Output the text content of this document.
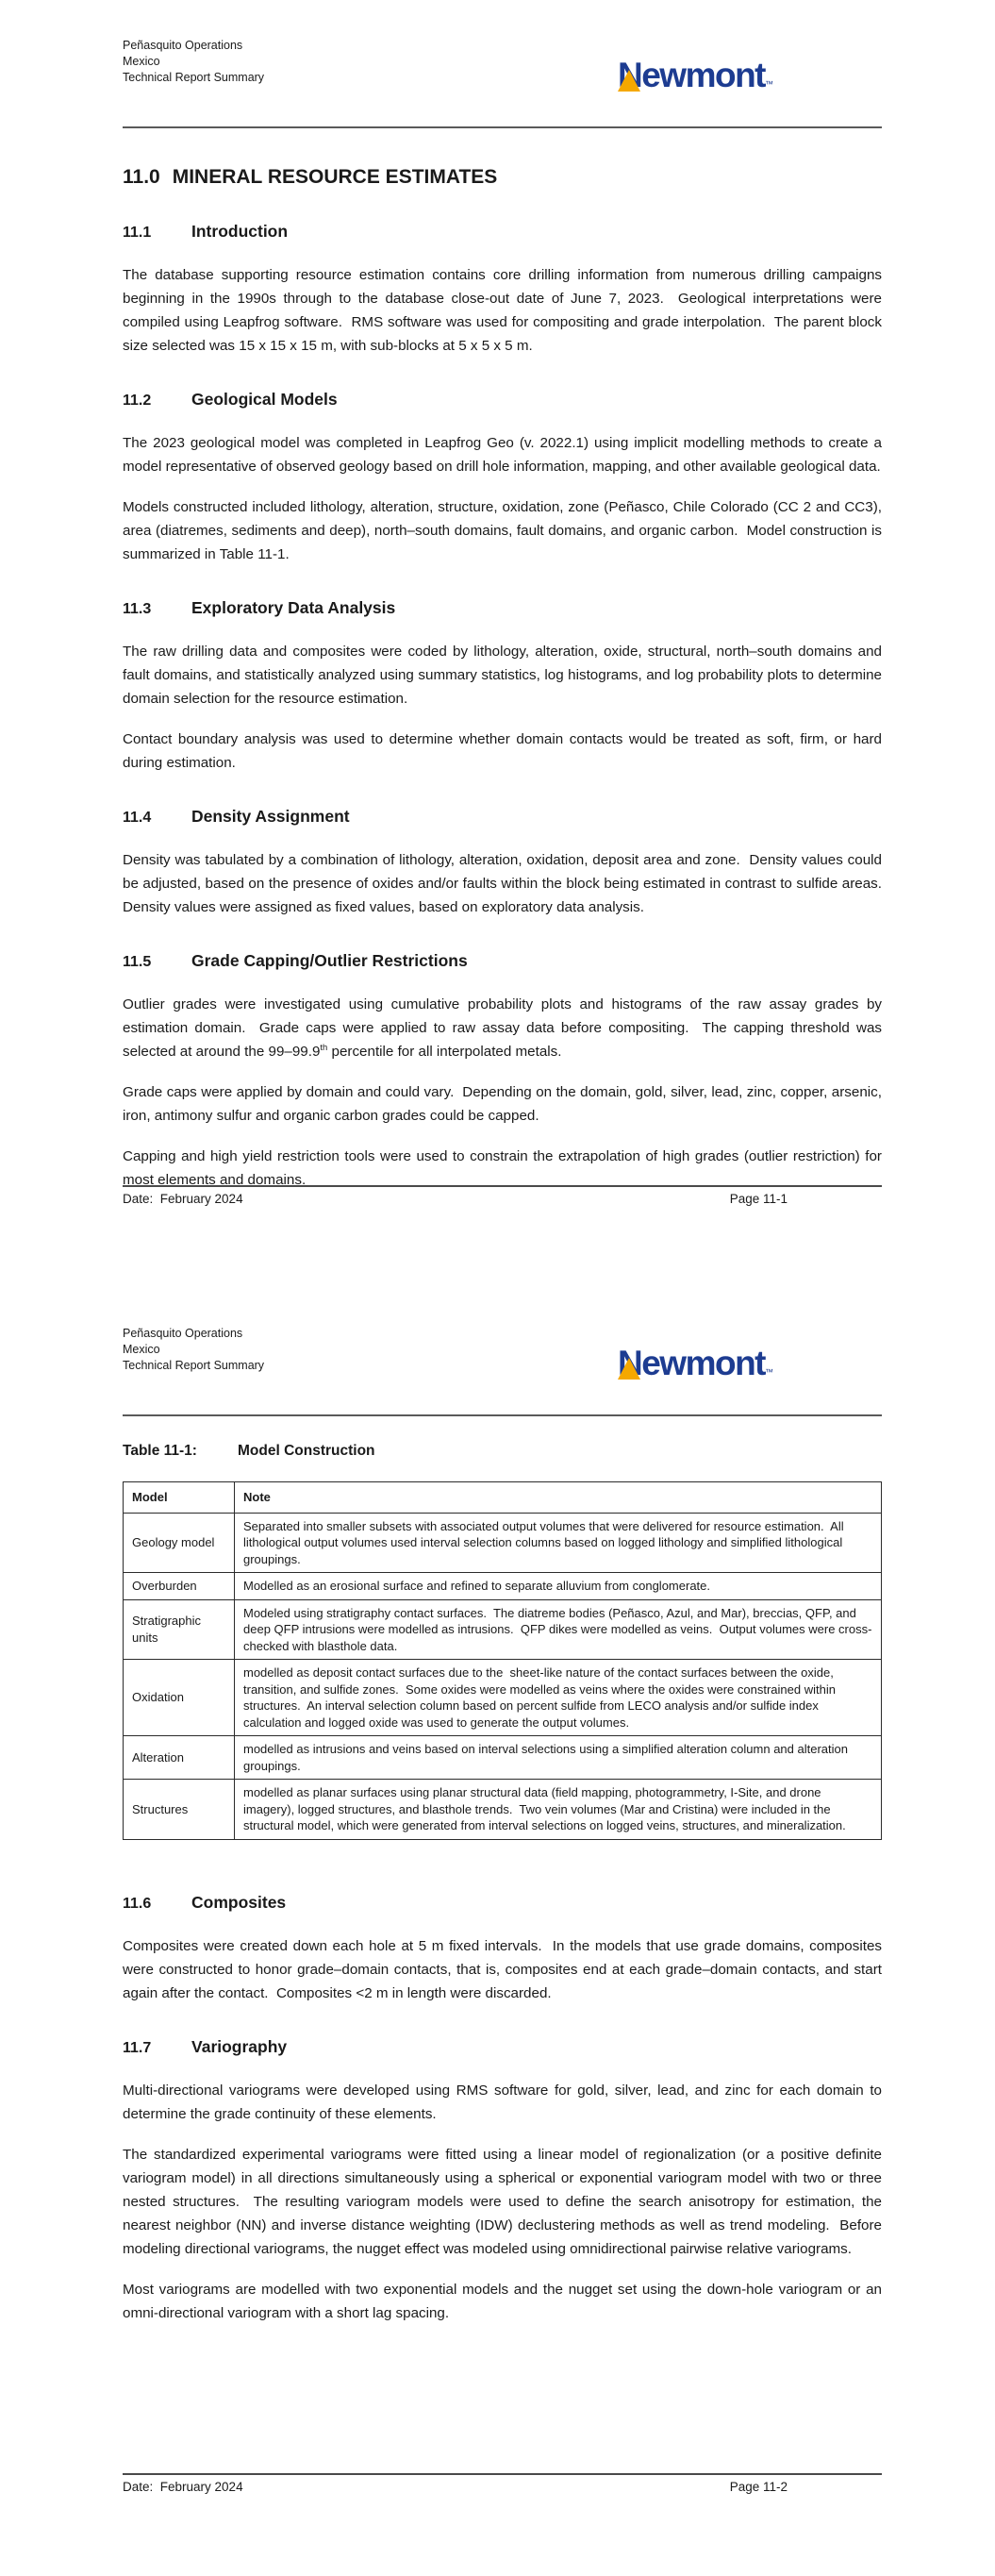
Peñasquito Operations
Mexico
Technical Report Summary	Newmont™
11.0 MINERAL RESOURCE ESTIMATES
11.1 Introduction

The database supporting resource estimation contains core drilling information from numerous drilling campaigns beginning in the 1990s through to the database close-out date of June 7, 2023.  Geological interpretations were compiled using Leapfrog software.  RMS software was used for compositing and grade interpolation.  The parent block size selected was 15 x 15 x 15 m, with sub-blocks at 5 x 5 x 5 m.

11.2 Geological Models

The 2023 geological model was completed in Leapfrog Geo (v. 2022.1) using implicit modelling methods to create a model representative of observed geology based on drill hole information, mapping, and other available geological data.

Models constructed included lithology, alteration, structure, oxidation, zone (Peñasco, Chile Colorado (CC 2 and CC3), area (diatremes, sediments and deep), north–south domains, fault domains, and organic carbon.  Model construction is summarized in Table 11-1.

11.3 Exploratory Data Analysis

The raw drilling data and composites were coded by lithology, alteration, oxide, structural, north–south domains and fault domains, and statistically analyzed using summary statistics, log histograms, and log probability plots to determine domain selection for the resource estimation.

Contact boundary analysis was used to determine whether domain contacts would be treated as soft, firm, or hard during estimation.

11.4 Density Assignment

Density was tabulated by a combination of lithology, alteration, oxidation, deposit area and zone.  Density values could be adjusted, based on the presence of oxides and/or faults within the block being estimated in contrast to sulfide areas.  Density values were assigned as fixed values, based on exploratory data analysis.

11.5 Grade Capping/Outlier Restrictions

Outlier grades were investigated using cumulative probability plots and histograms of the raw assay grades by estimation domain.  Grade caps were applied to raw assay data before compositing.  The capping threshold was selected at around the 99–99.9th percentile for all interpolated metals.

Grade caps were applied by domain and could vary.  Depending on the domain, gold, silver, lead, zinc, copper, arsenic, iron, antimony sulfur and organic carbon grades could be capped.

Capping and high yield restriction tools were used to constrain the extrapolation of high grades (outlier restriction) for most elements and domains.

Date:  February 2024	Page 11-1
Peñasquito Operations
Mexico
Technical Report Summary	Newmont™
Table 11-1:	Model Construction
Model	Note
Geology model	Separated into smaller subsets with associated output volumes that were delivered for resource estimation.  All lithological output volumes used interval selection columns based on logged lithology and simplified lithological groupings.
Overburden	Modelled as an erosional surface and refined to separate alluvium from conglomerate.
Stratigraphic units	Modeled using stratigraphy contact surfaces.  The diatreme bodies (Peñasco, Azul, and Mar), breccias, QFP, and deep QFP intrusions were modelled as intrusions.  QFP dikes were modelled as veins.  Output volumes were cross-checked with blasthole data.
Oxidation	modelled as deposit contact surfaces due to the  sheet-like nature of the contact surfaces between the oxide, transition, and sulfide zones.  Some oxides were modelled as veins where the oxides were constrained within structures.  An interval selection column based on percent sulfide from LECO analysis and/or sulfide index calculation and logged oxide was used to generate the output volumes.
Alteration	modelled as intrusions and veins based on interval selections using a simplified alteration column and alteration groupings.
Structures	modelled as planar surfaces using planar structural data (field mapping, photogrammetry, I-Site, and drone imagery), logged structures, and blasthole trends.  Two vein volumes (Mar and Cristina) were included in the structural model, which were generated from interval selections on logged veins, structures, and mineralization.
11.6 Composites

Composites were created down each hole at 5 m fixed intervals.  In the models that use grade domains, composites were constructed to honor grade–domain contacts, that is, composites end at each grade–domain contacts, and start again after the contact.  Composites <2 m in length were discarded.

11.7 Variography

Multi-directional variograms were developed using RMS software for gold, silver, lead, and zinc for each domain to determine the grade continuity of these elements.

The standardized experimental variograms were fitted using a linear model of regionalization (or a positive definite variogram model) in all directions simultaneously using a spherical or exponential variogram model with two or three nested structures.  The resulting variogram models were used to define the search anisotropy for estimation, the nearest neighbor (NN) and inverse distance weighting (IDW) declustering methods as well as trend modeling.  Before modeling directional variograms, the nugget effect was modeled using omnidirectional pairwise relative variograms.

Most variograms are modelled with two exponential models and the nugget set using the down-hole variogram or an omni-directional variogram with a short lag spacing.

Date:  February 2024	Page 11-2
